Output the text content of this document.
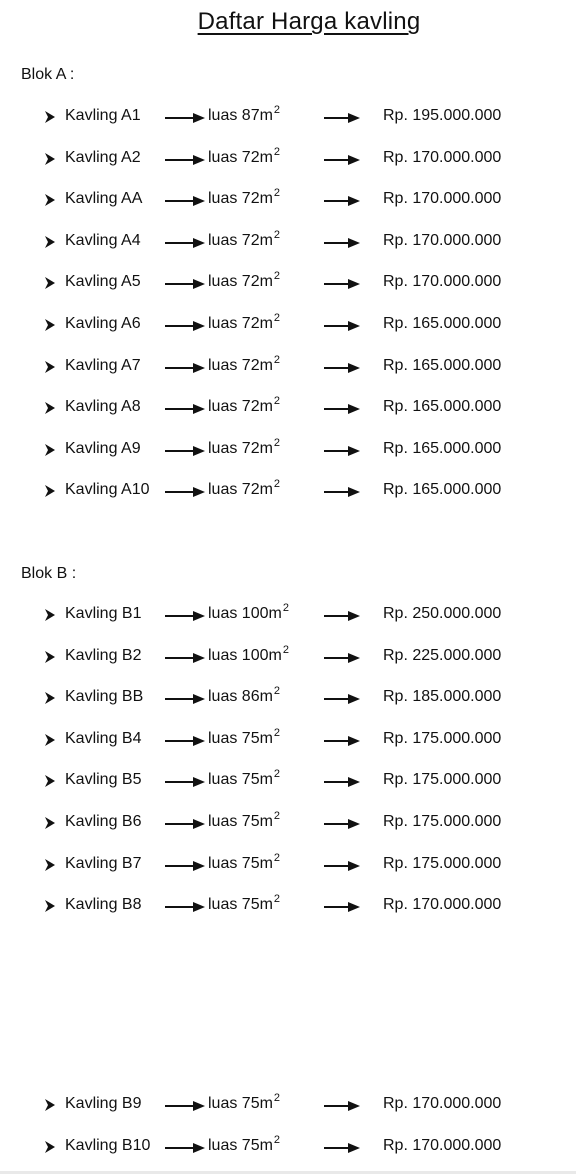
Daftar Harga kavling
Blok A :
Kavling A1	luas $87m^2$	Rp. 195.000.000
Kavling A2	luas $72m^2$	Rp. 170.000.000
Kavling AA	luas $72m^2$	Rp. 170.000.000
Kavling A4	luas $72m^2$	Rp. 170.000.000
Kavling A5	luas $72m^2$	Rp. 170.000.000
Kavling A6	luas $72m^2$	Rp. 165.000.000
Kavling A7	luas $72m^2$	Rp. 165.000.000
Kavling A8	luas $72m^2$	Rp. 165.000.000
Kavling A9	luas $72m^2$	Rp. 165.000.000
Kavling A10	luas $72m^2$	Rp. 165.000.000
Blok B :
Kavling B1	luas $100m^2$	Rp. 250.000.000
Kavling B2	luas $100m^2$	Rp. 225.000.000
Kavling BB	luas $86m^2$	Rp. 185.000.000
Kavling B4	luas $75m^2$	Rp. 175.000.000
Kavling B5	luas $75m^2$	Rp. 175.000.000
Kavling B6	luas $75m^2$	Rp. 175.000.000
Kavling B7	luas $75m^2$	Rp. 175.000.000
Kavling B8	luas $75m^2$	Rp. 170.000.000
Kavling B9	luas $75m^2$	Rp. 170.000.000
Kavling B10	luas $75m^2$	Rp. 170.000.000
